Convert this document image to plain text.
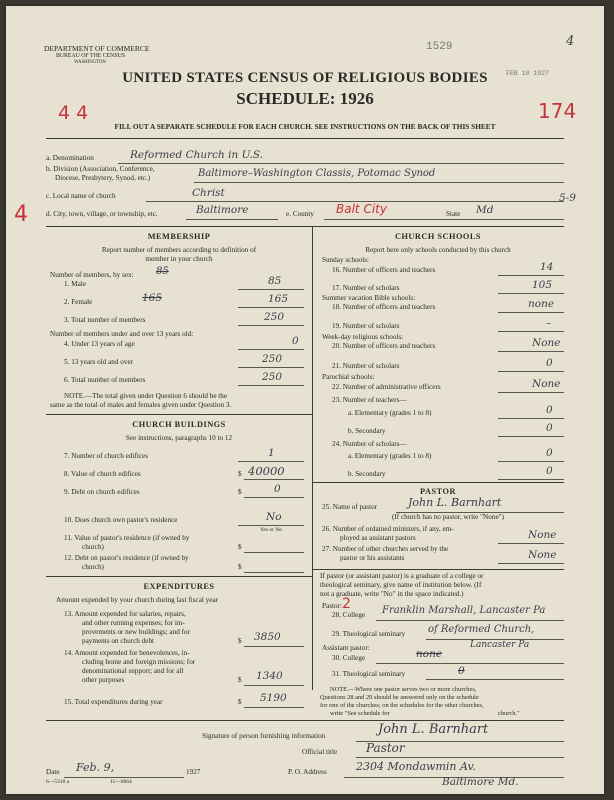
DEPARTMENT OF COMMERCE
BUREAU OF THE CENSUS
WASHINGTON
1529
FEB 10 1927
4
UNITED STATES CENSUS OF RELIGIOUS BODIES
SCHEDULE: 1926
4 4	174
FILL OUT A SEPARATE SCHEDULE FOR EACH CHURCH. SEE INSTRUCTIONS ON THE BACK OF THIS SHEET
a. Denomination	Reformed Church in U.S.
b. Division (Association, Conference,
Diocese, Presbytery, Synod, etc.)	Baltimore–Washington Classis, Potomac Synod
c. Local name of church	Christ	5-9
d. City, town, village, or township, etc.	Baltimore	e. County Balt City	State Md
4
MEMBERSHIP
Report number of members according to definition of
member in your church
Number of members, by sex: 85
1. Male	85
2. Female	165	165
3. Total number of members	250
Number of members under and over 13 years old:
4. Under 13 years of age	0
5. 13 years old and over	250
6. Total number of members	250
NOTE.—The total given under Question 6 should be the
same as the total of males and females given under Question 3.
CHURCH BUILDINGS
See instructions, paragraphs 10 to 12
7. Number of church edifices	1
8. Value of church edifices	$ 40000
9. Debt on church edifices	$	0
10. Does church own pastor's residence	No
Yes or No
11. Value of pastor's residence (if owned by
church)	$
12. Debt on pastor's residence (if owned by
church)	$
EXPENDITURES
Amount expended by your church during last fiscal year
13. Amount expended for salaries, repairs,
and other running expenses; for im-
provements or new buildings; and for
payments on church debt	$ 3850
14. Amount expended for benevolences, in-
cluding home and foreign missions; for
denominational support; and for all
other purposes	$ 1340
15. Total expenditures during year	$ 5190
CHURCH SCHOOLS
Report here only schools conducted by this church
Sunday schools:
16. Number of officers and teachers	14
17. Number of scholars	105
Summer vacation Bible schools:
18. Number of officers and teachers	none
19. Number of scholars	–
Week-day religious schools:
20. Number of officers and teachers	None
21. Number of scholars	0
Parochial schools:
22. Number of administrative officers	None
23. Number of teachers—
a. Elementary (grades 1 to 8)	0
b. Secondary	0
24. Number of scholars—
a. Elementary (grades 1 to 8)	0
b. Secondary	0
PASTOR
25. Name of pastor	John L. Barnhart
(If church has no pastor, write "None")
26. Number of ordained ministers, if any, em-
ployed as assistant pastors	None
27. Number of other churches served by the
pastor or his assistants	None
If pastor (or assistant pastor) is a graduate of a college or
theological seminary, give name of institution below. (If
not a graduate, write "No" in the space indicated.)
Pastor: 2
28. College Franklin Marshall, Lancaster Pa
29. Theological seminary of Reformed Church,
Lancaster Pa
Assistant pastor:
30. College	none
31. Theological seminary	0
NOTE.—Where one pastor serves two or more churches,
Questions 28 and 29 should be answered only on the schedule
for one of the churches; on the schedules for the other churches,
write "See schedule for	church."
Signature of person furnishing information	John L. Barnhart
Official title Pastor
Date Feb. 9,	1927	P. O. Address	2304 Mondawmin Av.
Baltimore Md.
6—5318 a	11—6664
